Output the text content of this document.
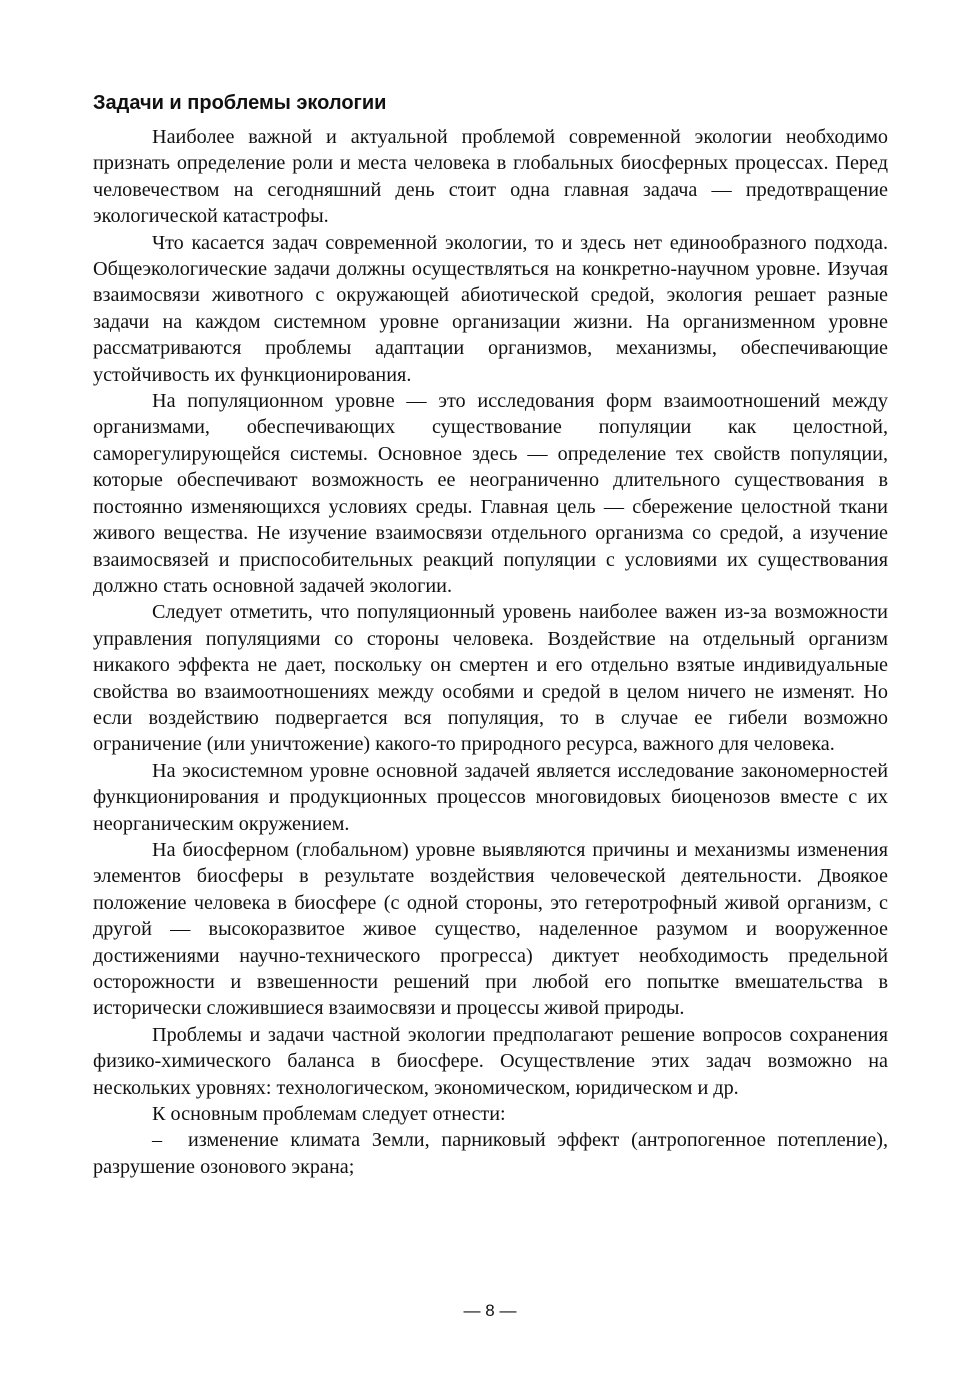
Задачи и проблемы экологии

Наиболее важной и актуальной проблемой современной экологии необходимо признать определение роли и места человека в глобальных биосферных процессах. Перед человечеством на сегодняшний день стоит одна главная задача — предотвращение экологической катастрофы.

Что касается задач современной экологии, то и здесь нет единообразного подхода. Общеэкологические задачи должны осуществляться на конкретно-научном уровне. Изучая взаимосвязи животного с окружающей абиотической средой, экология решает разные задачи на каждом системном уровне организации жизни. На организменном уровне рассматриваются проблемы адаптации организмов, механизмы, обеспечивающие устойчивость их функционирования.

На популяционном уровне — это исследования форм взаимоотношений между организмами, обеспечивающих существование популяции как целостной, саморегулирующейся системы. Основное здесь — определение тех свойств популяции, которые обеспечивают возможность ее неограниченно длительного существования в постоянно изменяющихся условиях среды. Главная цель — сбережение целостной ткани живого вещества. Не изучение взаимосвязи отдельного организма со средой, а изучение взаимосвязей и приспособительных реакций популяции с условиями их существования должно стать основной задачей экологии.

Следует отметить, что популяционный уровень наиболее важен из-за возможности управления популяциями со стороны человека. Воздействие на отдельный организм никакого эффекта не дает, поскольку он смертен и его отдельно взятые индивидуальные свойства во взаимоотношениях между особями и средой в целом ничего не изменят. Но если воздействию подвергается вся популяция, то в случае ее гибели возможно ограничение (или уничтожение) какого-то природного ресурса, важного для человека.

На экосистемном уровне основной задачей является исследование закономерностей функционирования и продукционных процессов многовидовых биоценозов вместе с их неорганическим окружением.

На биосферном (глобальном) уровне выявляются причины и механизмы изменения элементов биосферы в результате воздействия человеческой деятельности. Двоякое положение человека в биосфере (с одной стороны, это гетеротрофный живой организм, с другой — высокоразвитое живое существо, наделенное разумом и вооруженное достижениями научно-технического прогресса) диктует необходимость предельной осторожности и взвешенности решений при любой его попытке вмешательства в исторически сложившиеся взаимосвязи и процессы живой природы.

Проблемы и задачи частной экологии предполагают решение вопросов сохранения физико-химического баланса в биосфере. Осуществление этих задач возможно на нескольких уровнях: технологическом, экономическом, юридическом и др.

К основным проблемам следует отнести:

– изменение климата Земли, парниковый эффект (антропогенное потепление), разрушение озонового экрана;

— 8 —
